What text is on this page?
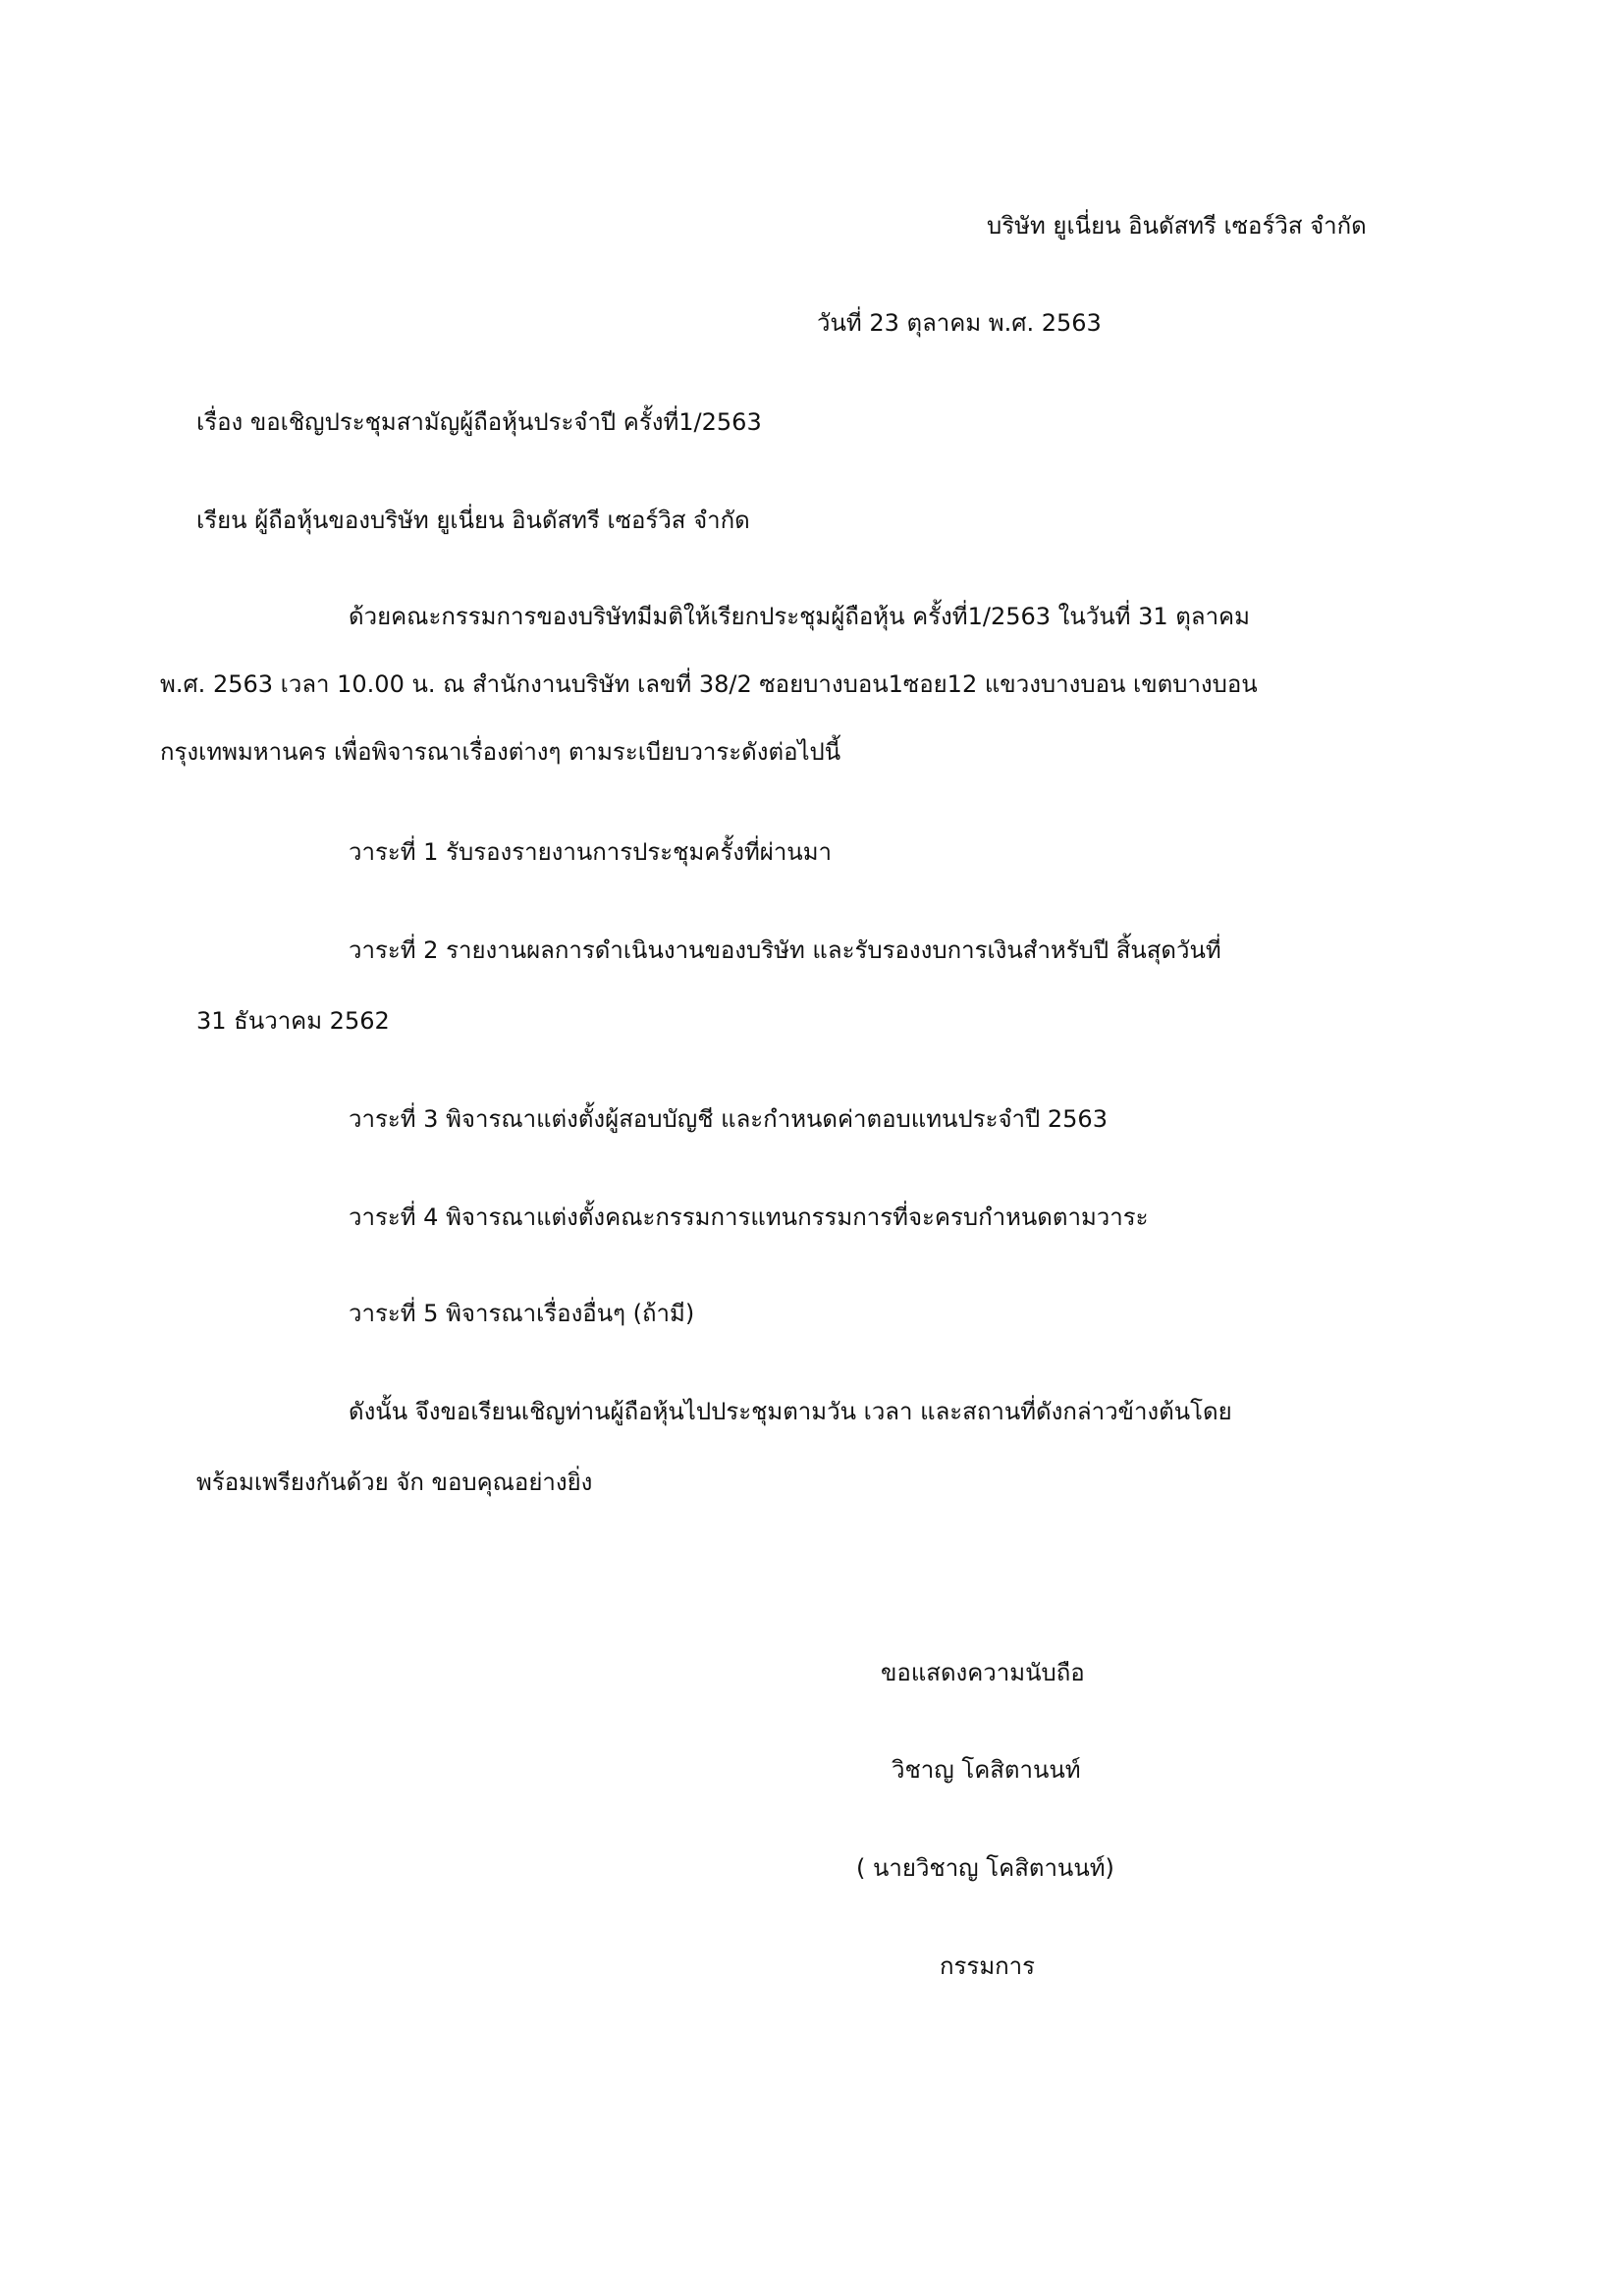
บริษัท ยูเนี่ยน อินดัสทรี เซอร์วิส จำกัด
วันที่ 23 ตุลาคม พ.ศ. 2563
เรื่อง ขอเชิญประชุมสามัญผู้ถือหุ้นประจำปี ครั้งที่1/2563
เรียน ผู้ถือหุ้นของบริษัท ยูเนี่ยน อินดัสทรี เซอร์วิส จำกัด
ด้วยคณะกรรมการของบริษัทมีมติให้เรียกประชุมผู้ถือหุ้น ครั้งที่1/2563 ในวันที่ 31 ตุลาคม
พ.ศ. 2563 เวลา 10.00 น. ณ สำนักงานบริษัท เลขที่ 38/2 ซอยบางบอน1ซอย12 แขวงบางบอน เขตบางบอน
กรุงเทพมหานคร เพื่อพิจารณาเรื่องต่างๆ ตามระเบียบวาระดังต่อไปนี้
วาระที่ 1 รับรองรายงานการประชุมครั้งที่ผ่านมา
วาระที่ 2 รายงานผลการดำเนินงานของบริษัท และรับรองงบการเงินสำหรับปี สิ้นสุดวันที่
31 ธันวาคม 2562
วาระที่ 3 พิจารณาแต่งตั้งผู้สอบบัญชี และกำหนดค่าตอบแทนประจำปี 2563
วาระที่ 4 พิจารณาแต่งตั้งคณะกรรมการแทนกรรมการที่จะครบกำหนดตามวาระ
วาระที่ 5 พิจารณาเรื่องอื่นๆ (ถ้ามี)
ดังนั้น จึงขอเรียนเชิญท่านผู้ถือหุ้นไปประชุมตามวัน เวลา และสถานที่ดังกล่าวข้างต้นโดย
พร้อมเพรียงกันด้วย จัก ขอบคุณอย่างยิ่ง
ขอแสดงความนับถือ
วิชาญ โคสิตานนท์
( นายวิชาญ โคสิตานนท์)
กรรมการ
